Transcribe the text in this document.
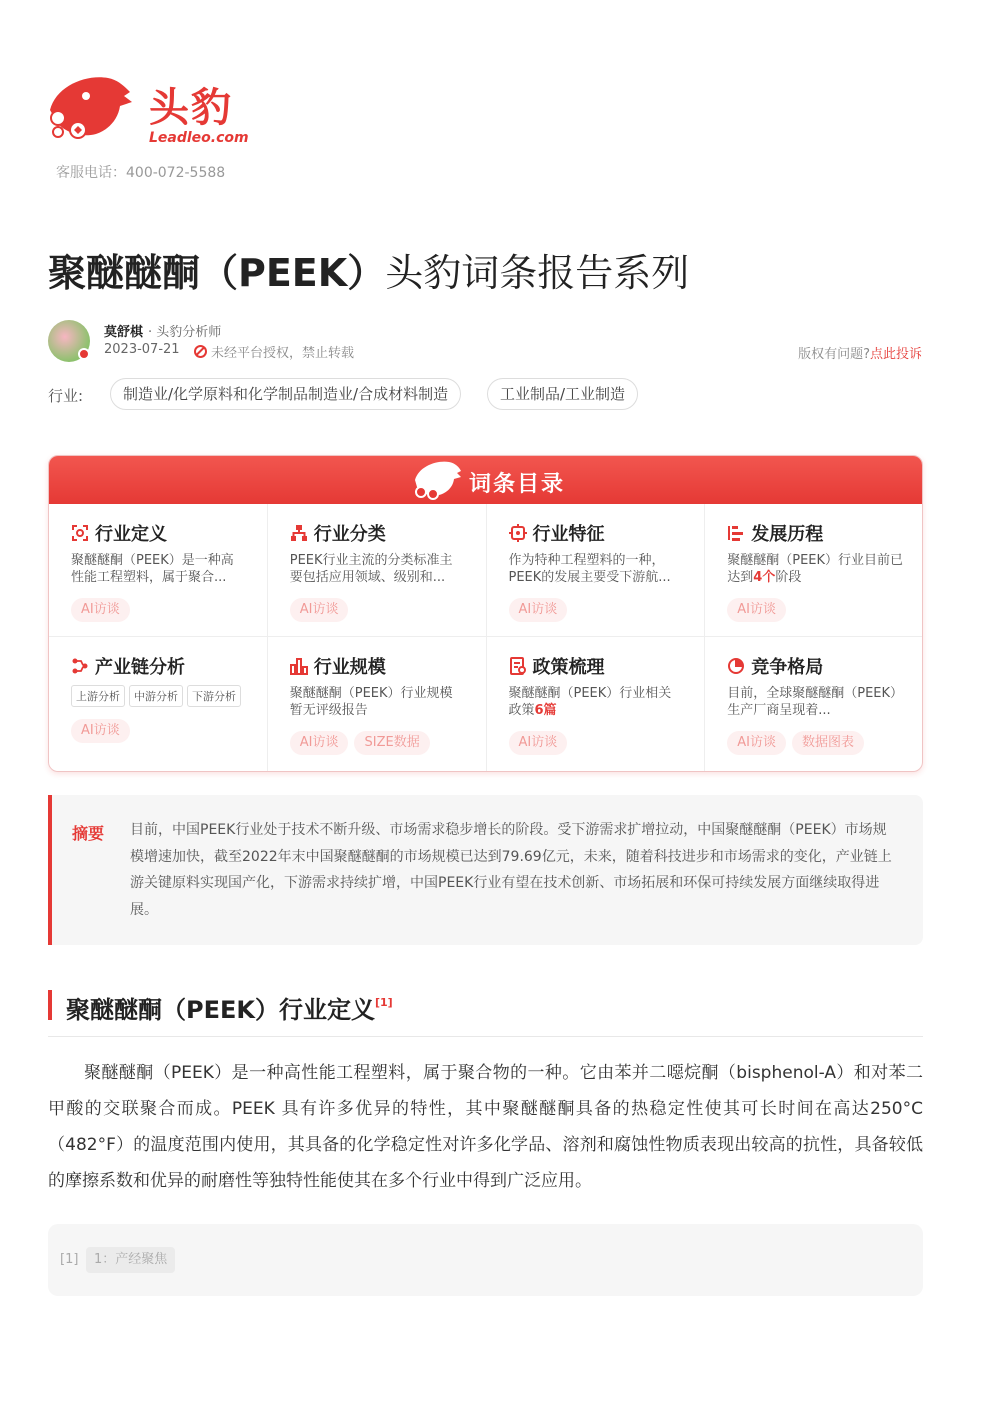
头豹
Leadleo.com
客服电话：400-072-5588
聚醚醚酮（PEEK）头豹词条报告系列
莫舒棋 · 头豹分析师
2023-07-21 未经平台授权，禁止转载	版权有问题?点此投诉
行业:	制造业/化学原料和化学制品制造业/合成材料制造	工业制品/工业制造
词条目录
行业定义
聚醚醚酮（PEEK）是一种高性能工程塑料，属于聚合...
AI访谈
行业分类
PEEK行业主流的分类标准主要包括应用领域、级别和...
AI访谈
行业特征
作为特种工程塑料的一种，PEEK的发展主要受下游航...
AI访谈
发展历程
聚醚醚酮（PEEK）行业目前已达到4个阶段
AI访谈
产业链分析
上游分析	中游分析	下游分析
AI访谈
行业规模
聚醚醚酮（PEEK）行业规模暂无评级报告
AI访谈 SIZE数据
政策梳理
聚醚醚酮（PEEK）行业相关政策6篇
AI访谈
竞争格局
目前，全球聚醚醚酮（PEEK）生产厂商呈现着...
AI访谈 数据图表
摘要 目前，中国PEEK行业处于技术不断升级、市场需求稳步增长的阶段。受下游需求扩增拉动，中国聚醚醚酮（PEEK）市场规模增速加快，截至2022年末中国聚醚醚酮的市场规模已达到79.69亿元，未来，随着科技进步和市场需求的变化，产业链上游关键原料实现国产化，下游需求持续扩增，中国PEEK行业有望在技术创新、市场拓展和环保可持续发展方面继续取得进展。
聚醚醚酮（PEEK）行业定义[1]
聚醚醚酮（PEEK）是一种高性能工程塑料，属于聚合物的一种。它由苯并二噁烷酮（bisphenol-A）和对苯二甲酸的交联聚合而成。PEEK 具有许多优异的特性，其中聚醚醚酮具备的热稳定性使其可长时间在高达250°C（482°F）的温度范围内使用，其具备的化学稳定性对许多化学品、溶剂和腐蚀性物质表现出较高的抗性，具备较低的摩擦系数和优异的耐磨性等独特性能使其在多个行业中得到广泛应用。
[1]	1：产经聚焦
